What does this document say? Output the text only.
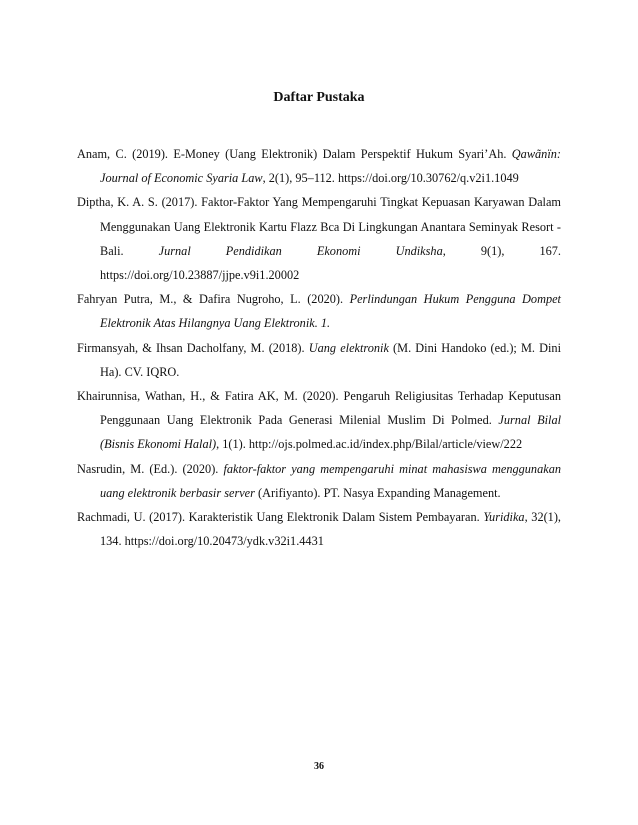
Daftar Pustaka

Anam, C. (2019). E-Money (Uang Elektronik) Dalam Perspektif Hukum Syari’Ah. Qawãnïn: Journal of Economic Syaria Law, 2(1), 95–112. https://doi.org/10.30762/q.v2i1.1049

Diptha, K. A. S. (2017). Faktor-Faktor Yang Mempengaruhi Tingkat Kepuasan Karyawan Dalam Menggunakan Uang Elektronik Kartu Flazz Bca Di Lingkungan Anantara Seminyak Resort - Bali. Jurnal Pendidikan Ekonomi Undiksha, 9(1), 167. https://doi.org/10.23887/jjpe.v9i1.20002

Fahryan Putra, M., & Dafira Nugroho, L. (2020). Perlindungan Hukum Pengguna Dompet Elektronik Atas Hilangnya Uang Elektronik. 1.

Firmansyah, & Ihsan Dacholfany, M. (2018). Uang elektronik (M. Dini Handoko (ed.); M. Dini Ha). CV. IQRO.

Khairunnisa, Wathan, H., & Fatira AK, M. (2020). Pengaruh Religiusitas Terhadap Keputusan Penggunaan Uang Elektronik Pada Generasi Milenial Muslim Di Polmed. Jurnal Bilal (Bisnis Ekonomi Halal), 1(1). http://ojs.polmed.ac.id/index.php/Bilal/article/view/222

Nasrudin, M. (Ed.). (2020). faktor-faktor yang mempengaruhi minat mahasiswa menggunakan uang elektronik berbasir server (Arifiyanto). PT. Nasya Expanding Management.

Rachmadi, U. (2017). Karakteristik Uang Elektronik Dalam Sistem Pembayaran. Yuridika, 32(1), 134. https://doi.org/10.20473/ydk.v32i1.4431

36
